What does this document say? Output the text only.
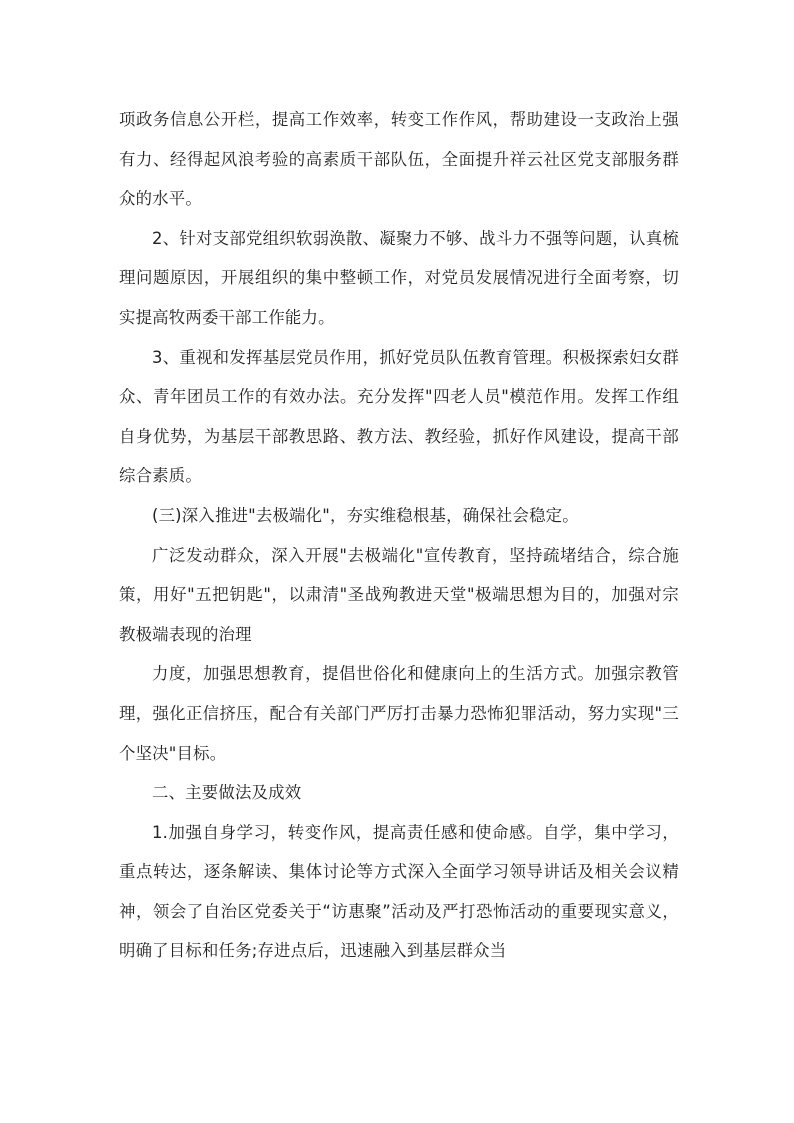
项政务信息公开栏，提高工作效率，转变工作作风，帮助建设一支政治上强有力、经得起风浪考验的高素质干部队伍，全面提升祥云社区党支部服务群众的水平。

2、针对支部党组织软弱涣散、凝聚力不够、战斗力不强等问题，认真梳理问题原因，开展组织的集中整顿工作，对党员发展情况进行全面考察，切实提高牧两委干部工作能力。

3、重视和发挥基层党员作用，抓好党员队伍教育管理。积极探索妇女群众、青年团员工作的有效办法。充分发挥"四老人员"模范作用。发挥工作组自身优势，为基层干部教思路、教方法、教经验，抓好作风建设，提高干部综合素质。

(三)深入推进"去极端化"，夯实维稳根基，确保社会稳定。

广泛发动群众，深入开展"去极端化"宣传教育，坚持疏堵结合，综合施策，用好"五把钥匙"，以肃清"圣战殉教进天堂"极端思想为目的，加强对宗教极端表现的治理

力度，加强思想教育，提倡世俗化和健康向上的生活方式。加强宗教管理，强化正信挤压，配合有关部门严厉打击暴力恐怖犯罪活动，努力实现"三个坚决"目标。

二、主要做法及成效

1.加强自身学习，转变作风，提高责任感和使命感。自学，集中学习，重点转达，逐条解读、集体讨论等方式深入全面学习领导讲话及相关会议精神，领会了自治区党委关于“访惠聚”活动及严打恐怖活动的重要现实意义，明确了目标和任务;存进点后，迅速融入到基层群众当
